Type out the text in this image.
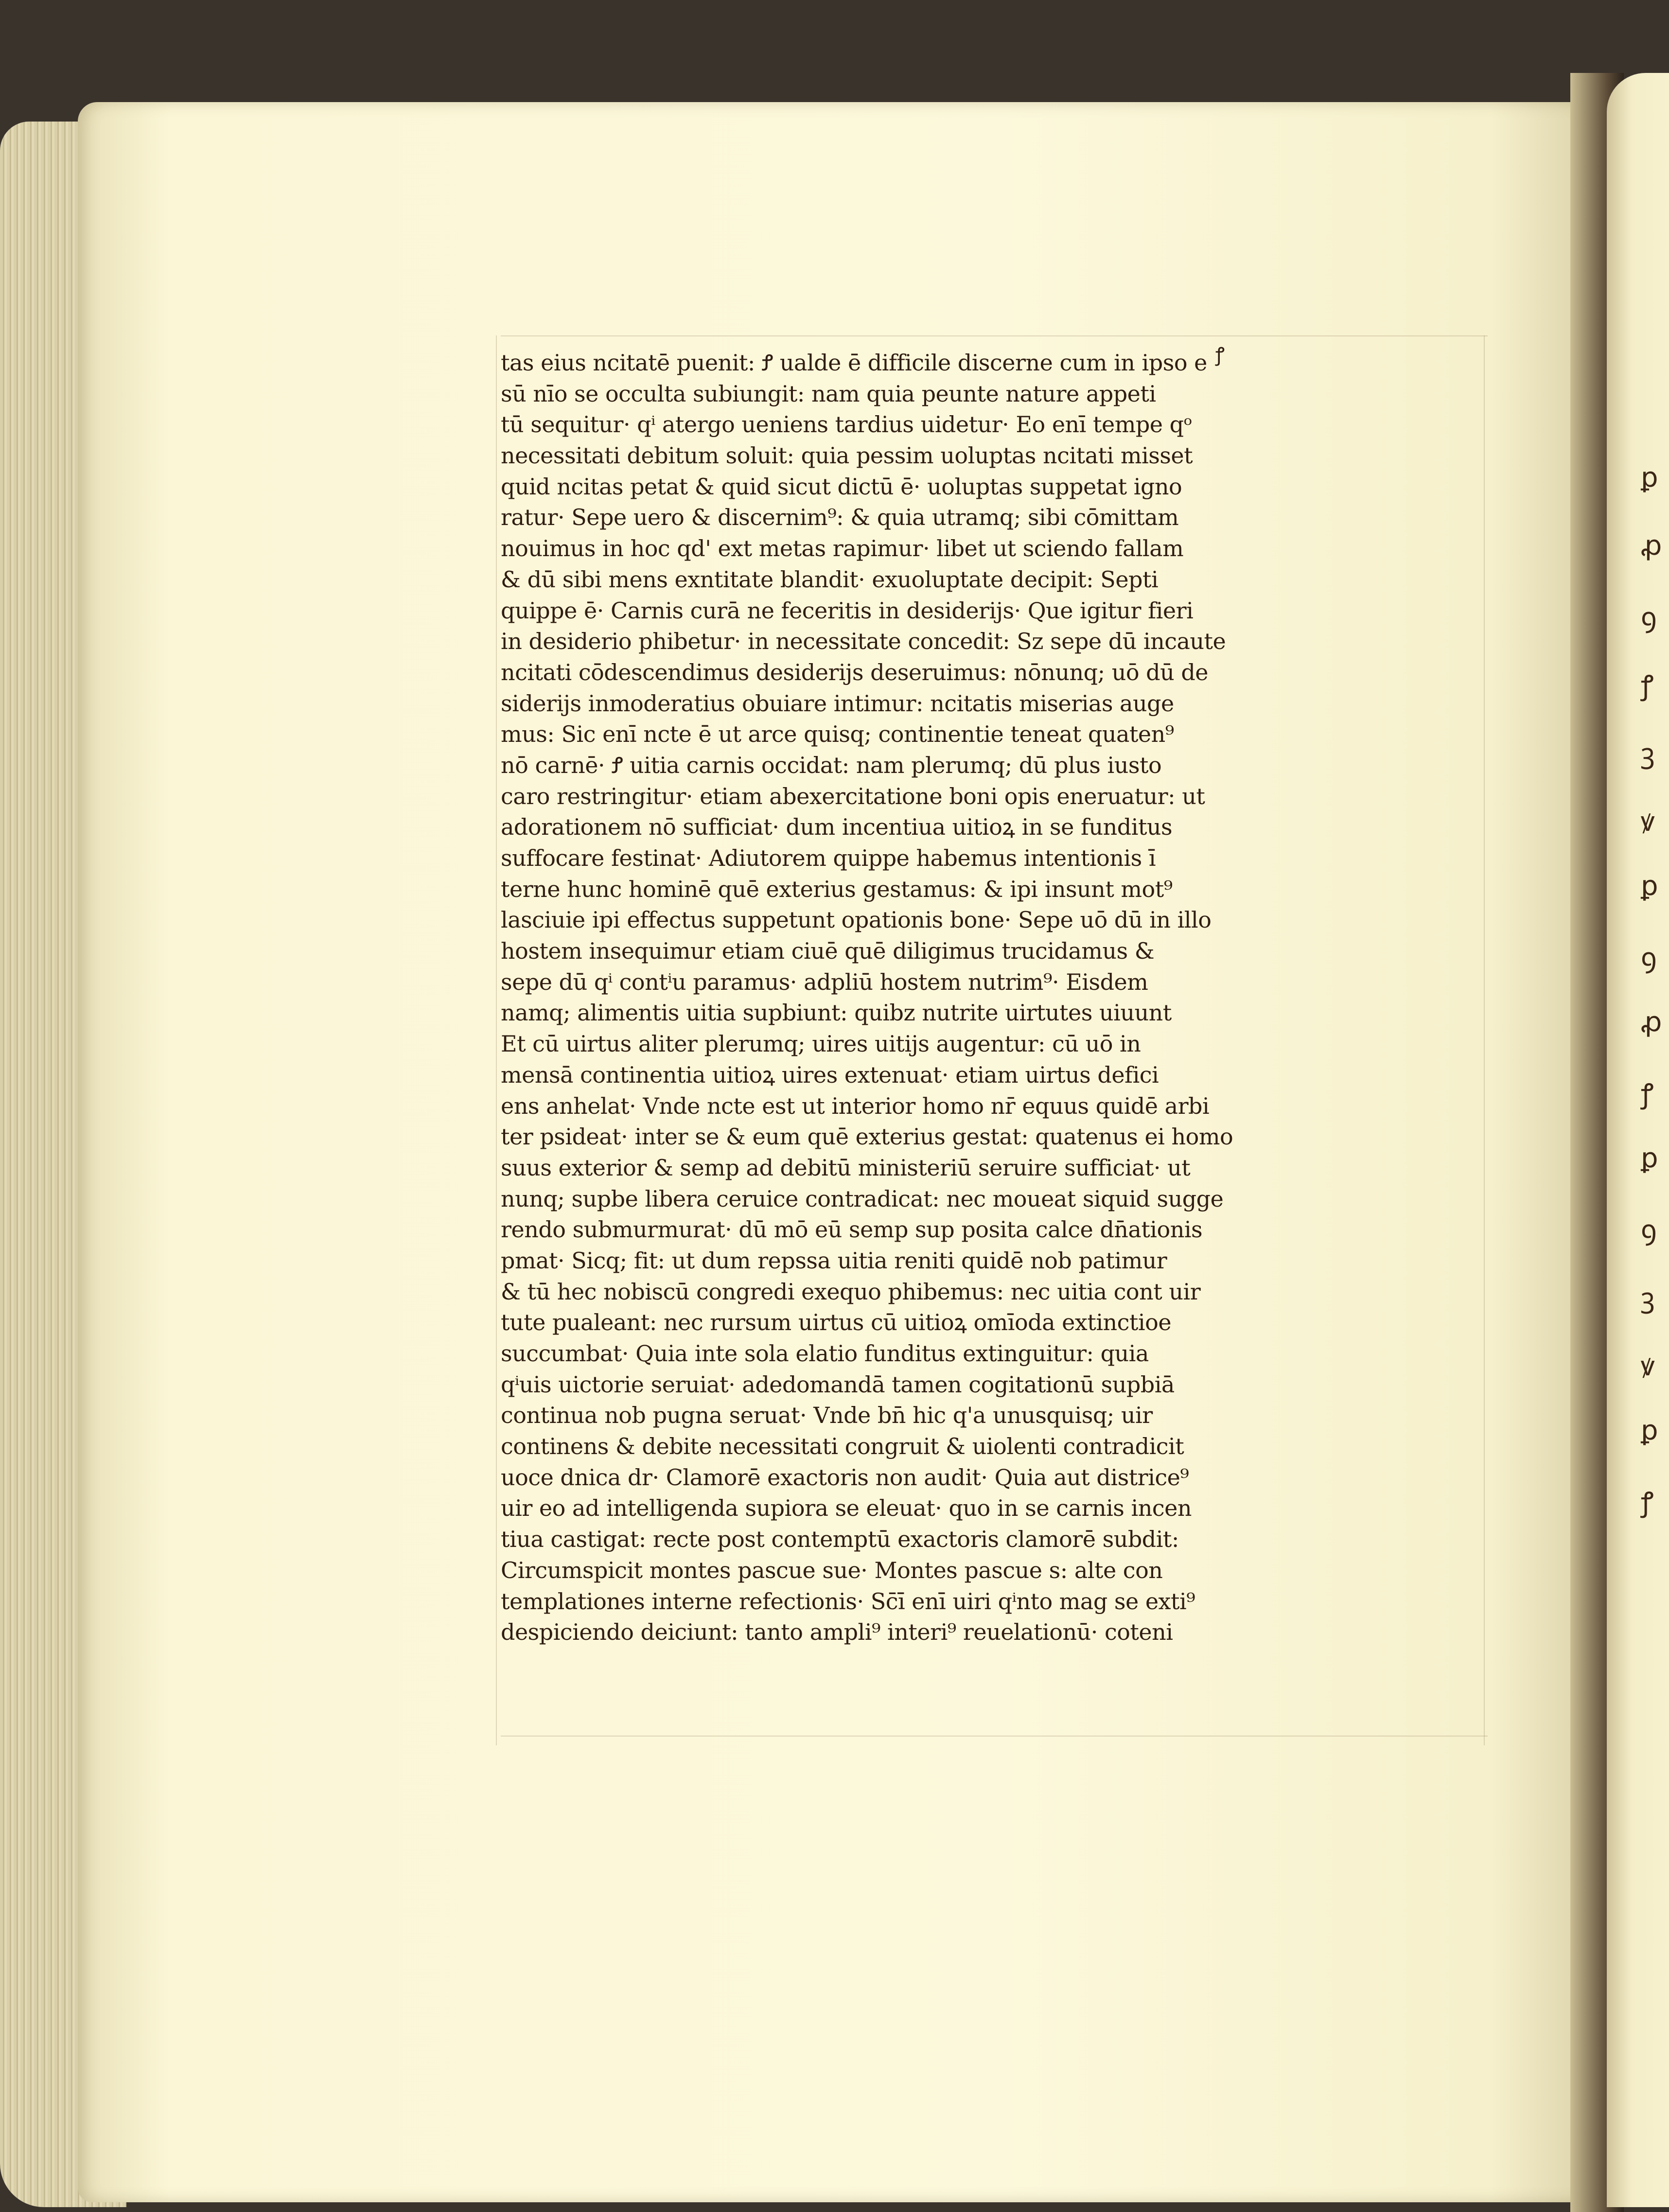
ꝑ
ꝓ
ꝯ
ꝭ
ꝫ
ꝟ
ꝑ
ꝯ
ꝓ
ꝭ
ꝑ
ꝯ
ꝫ
ꝟ
ꝑ
ꝭ
ꝭ
tas eius ncitatē puenit: Ꝭ ualde ē difficile discerne cum in ipso e
sū nīo se occulta subiungit: nam quia peunte nature appeti
tū sequitur· qⁱ atergo ueniens tardius uidetur· Eo enī tempe qᵒ
necessitati debitum soluit: quia pessim uoluptas ncitati misset
quid ncitas petat & quid sicut dictū ē· uoluptas suppetat igno
ratur· Sepe uero & discernim⁹: & quia utramq; sibi cōmittam
nouimus in hoc qd' ext metas rapimur· libet ut sciendo fallam
& dū sibi mens exntitate blandit· exuoluptate decipit: Septi
quippe ē· Carnis curā ne feceritis in desiderijs· Que igitur fieri
in desiderio phibetur· in necessitate concedit: Sz sepe dū incaute
ncitati cōdescendimus desiderijs deseruimus: nōnunq; uō dū de
siderijs inmoderatius obuiare intimur: ncitatis miserias auge
mus: Sic enī ncte ē ut arce quisq; continentie teneat quaten⁹
nō carnē· Ꝭ uitia carnis occidat: nam plerumq; dū plus iusto
caro restringitur· etiam abexercitatione boni opis eneruatur: ut
adorationem nō sufficiat· dum incentiua uitioꝝ in se funditus
suffocare festinat· Adiutorem quippe habemus intentionis ī
terne hunc hominē quē exterius gestamus: & ipi insunt mot⁹
lasciuie ipi effectus suppetunt opationis bone· Sepe uō dū in illo
hostem insequimur etiam ciuē quē diligimus trucidamus &
sepe dū qⁱ contⁱu paramus· adpliū hostem nutrim⁹· Eisdem
namq; alimentis uitia supbiunt: quibz nutrite uirtutes uiuunt
Et cū uirtus aliter plerumq; uires uitijs augentur: cū uō in
mensā continentia uitioꝝ uires extenuat· etiam uirtus defici
ens anhelat· Vnde ncte est ut interior homo nr̄ equus quidē arbi
ter psideat· inter se & eum quē exterius gestat: quatenus ei homo
suus exterior & semp ad debitū ministeriū seruire sufficiat· ut
nunq; supbe libera ceruice contradicat: nec moueat siquid sugge
rendo submurmurat· dū mō eū semp sup posita calce dn̄ationis
pmat· Sicq; fit: ut dum repssa uitia reniti quidē nob patimur
& tū hec nobiscū congredi exequo phibemus: nec uitia cont uir
tute pualeant: nec rursum uirtus cū uitioꝝ omīoda extinctioe
succumbat· Quia inte sola elatio funditus extinguitur: quia
qⁱuis uictorie seruiat· adedomandā tamen cogitationū supbiā
continua nob pugna seruat· Vnde bn̄ hic q'a unusquisq; uir
continens & debite necessitati congruit & uiolenti contradicit
uoce dnica dr· Clamorē exactoris non audit· Quia aut districe⁹
uir eo ad intelligenda supiora se eleuat· quo in se carnis incen
tiua castigat: recte post contemptū exactoris clamorē subdit:
Circumspicit montes pascue sue· Montes pascue s: alte con
templationes interne refectionis· Sc̄ī enī uiri qⁱnto mag se exti⁹
despiciendo deiciunt: tanto ampli⁹ interi⁹ reuelationū· coteni
